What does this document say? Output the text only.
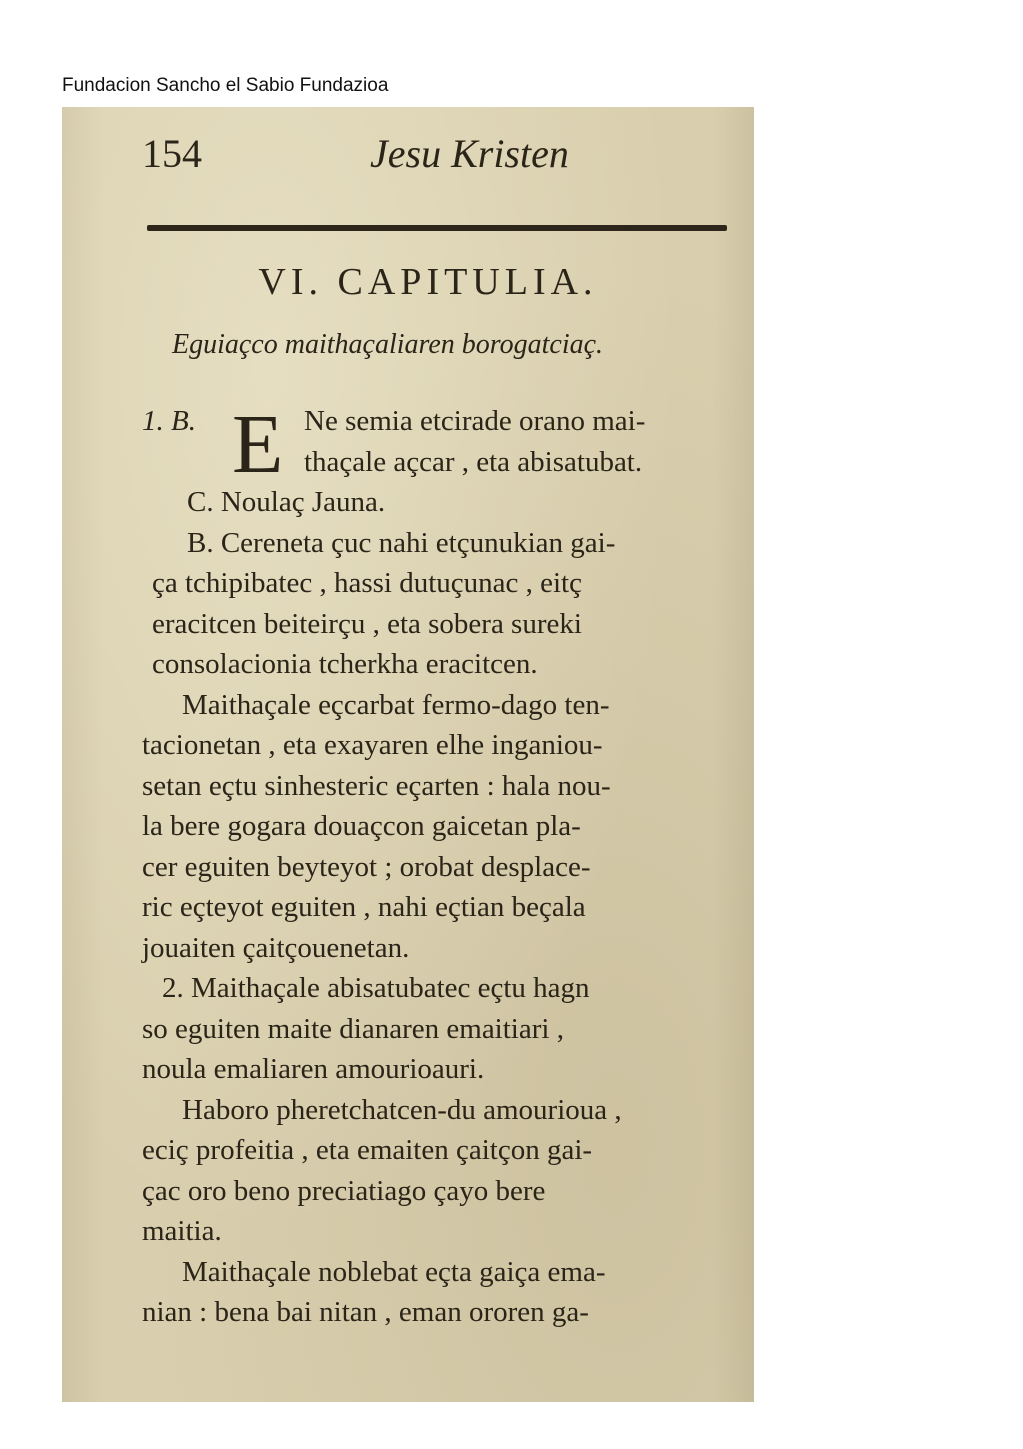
Fundacion Sancho el Sabio Fundazioa
154	Jesu Kristen
VI. CAPITULIA.
Eguiaçco maithaçaliaren borogatciaç.
E
1. B.	Ne semia etcirade orano mai-
thaçale açcar , eta abisatubat.
C. Noulaç Jauna.
B. Cereneta çuc nahi etçunukian gai-
ça tchipibatec , hassi dutuçunac , eitç
eracitcen beiteirçu , eta sobera sureki
consolacionia tcherkha eracitcen.
Maithaçale eçcarbat fermo-dago ten-
tacionetan , eta exayaren elhe inganiou-
setan eçtu sinhesteric eçarten : hala nou-
la bere gogara douaçcon gaicetan pla-
cer eguiten beyteyot ; orobat desplace-
ric eçteyot eguiten , nahi eçtian beçala
jouaiten çaitçouenetan.
2. Maithaçale abisatubatec eçtu hagn
so eguiten maite dianaren emaitiari ,
noula emaliaren amourioauri.
Haboro pheretchatcen-du amourioua ,
eciç profeitia , eta emaiten çaitçon gai-
çac oro beno preciatiago çayo bere
maitia.
Maithaçale noblebat eçta gaiça ema-
nian : bena bai nitan , eman ororen ga-
